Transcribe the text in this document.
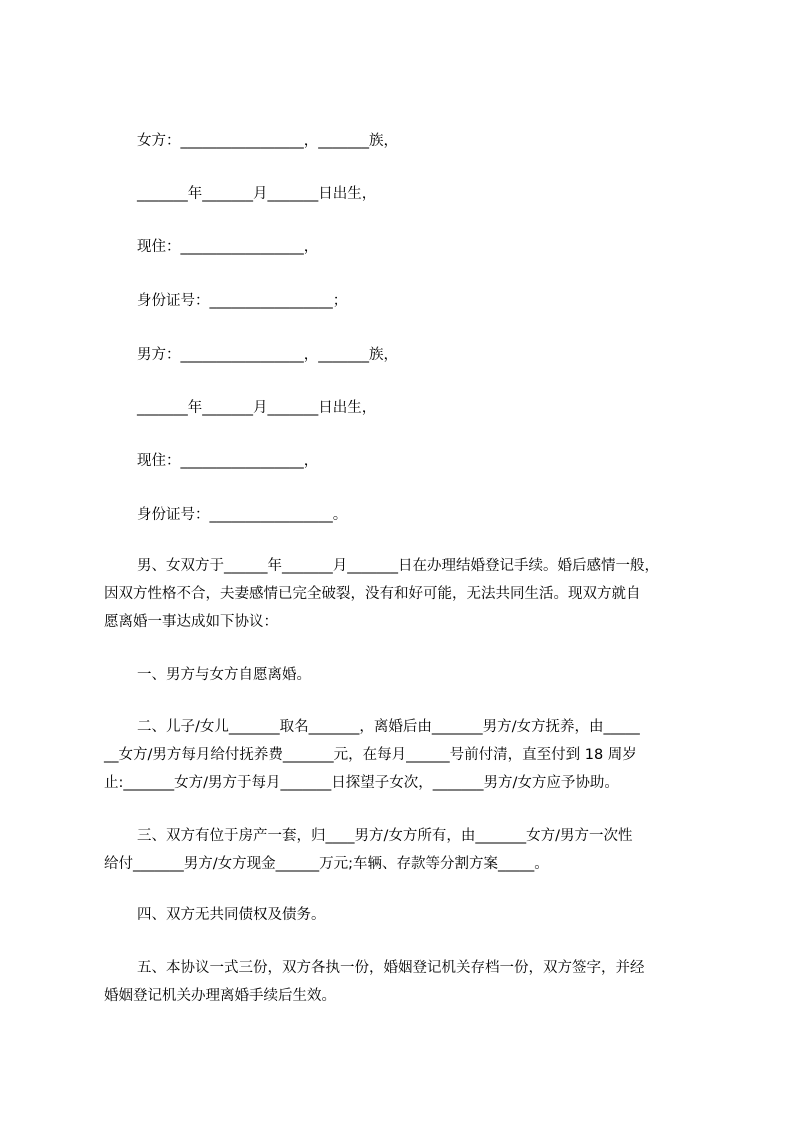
女方：_________________，_______族，
_______年_______月_______日出生，
现住：_________________，
身份证号：_________________；
男方：_________________，_______族，
_______年_______月_______日出生，
现住：_________________，
身份证号：_________________。
男、女双方于______年_______月_______日在办理结婚登记手续。婚后感情一般，
因双方性格不合，夫妻感情已完全破裂，没有和好可能，无法共同生活。现双方就自
愿离婚一事达成如下协议：
一、男方与女方自愿离婚。
二、儿子/女儿_______取名_______，离婚后由_______男方/女方抚养，由_____
__女方/男方每月给付抚养费_______元，在每月______号前付清，直至付到 18 周岁
止:_______女方/男方于每月_______日探望子女次，_______男方/女方应予协助。
三、双方有位于房产一套，归____男方/女方所有，由_______女方/男方一次性
给付_______男方/女方现金______万元;车辆、存款等分割方案_____。
四、双方无共同债权及债务。
五、本协议一式三份，双方各执一份，婚姻登记机关存档一份，双方签字，并经
婚姻登记机关办理离婚手续后生效。
